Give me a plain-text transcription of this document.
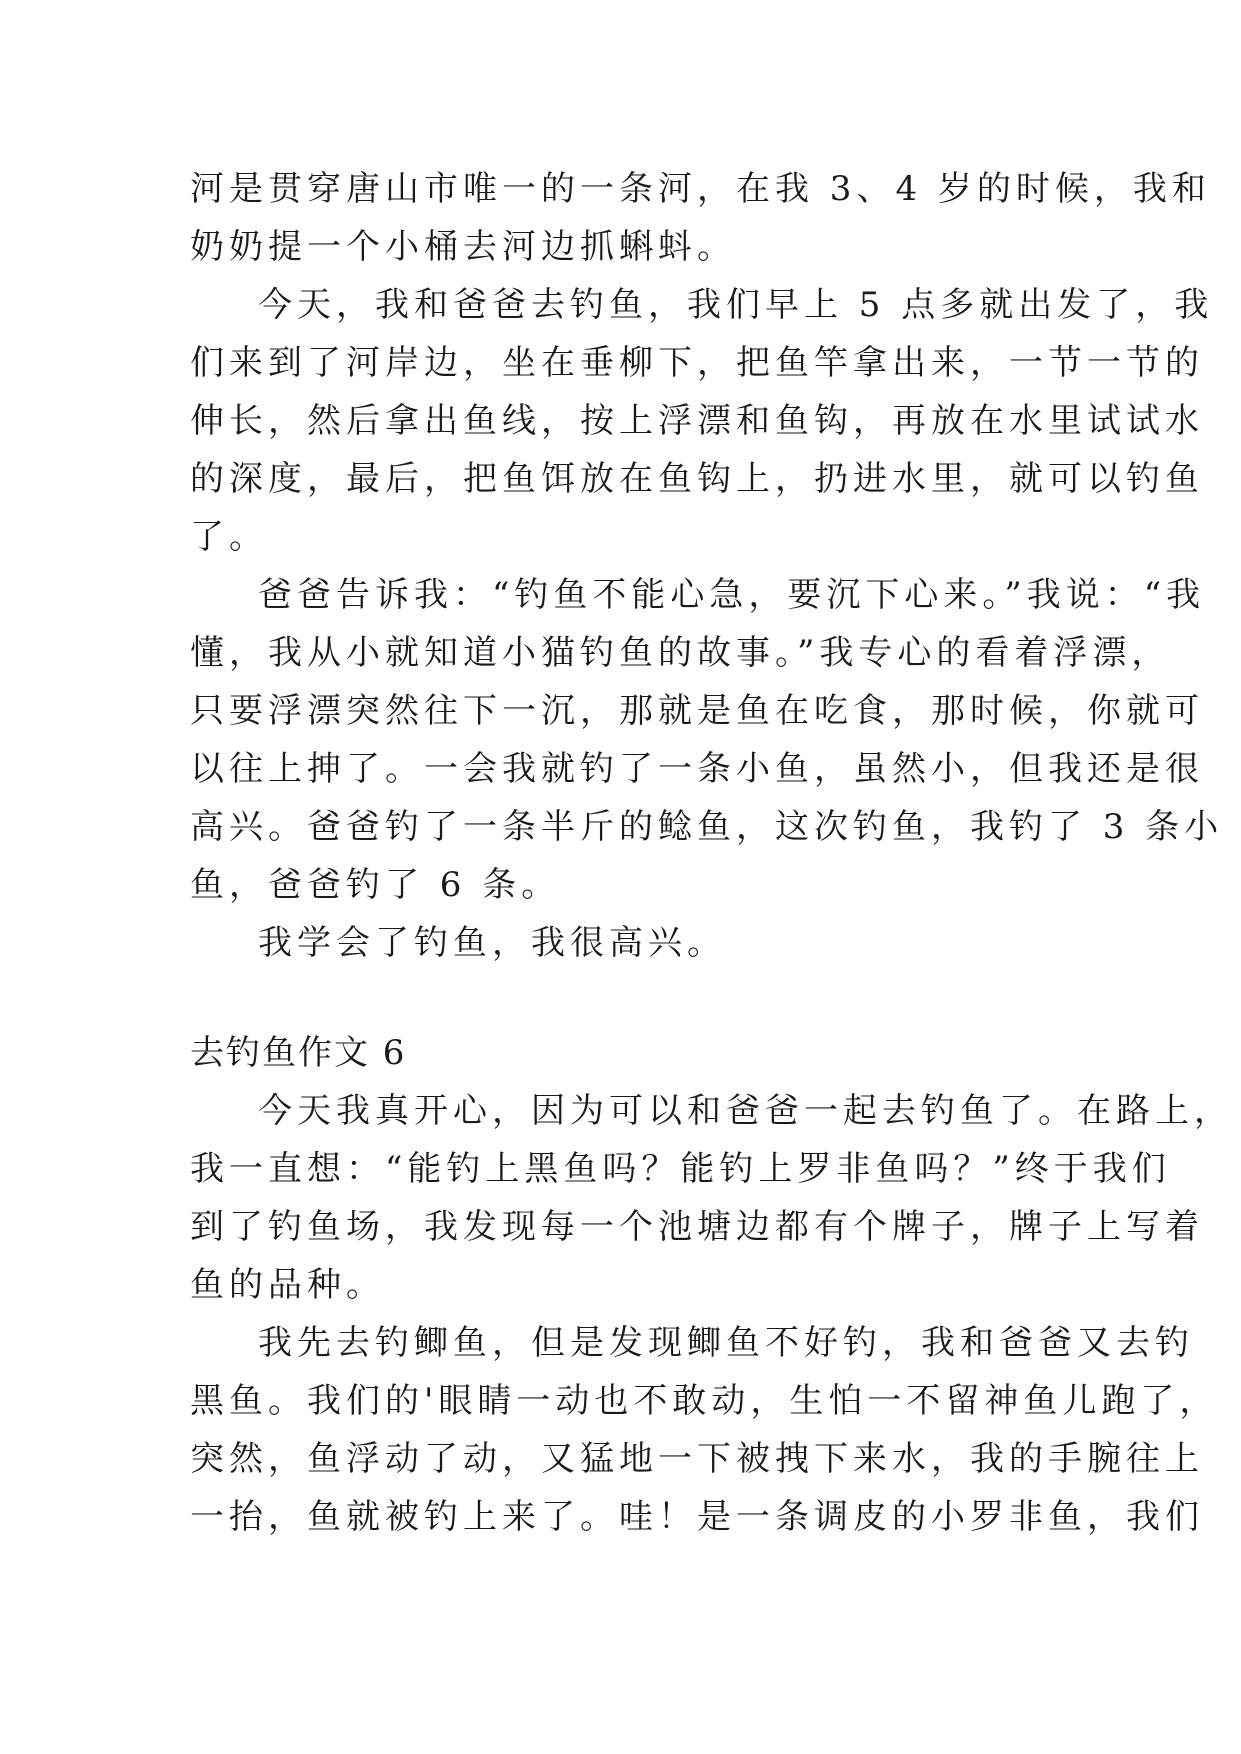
河是贯穿唐山市唯一的一条河，在我 3、4 岁的时候，我和
奶奶提一个小桶去河边抓蝌蚪。
今天，我和爸爸去钓鱼，我们早上 5 点多就出发了，我
们来到了河岸边，坐在垂柳下，把鱼竿拿出来，一节一节的
伸长，然后拿出鱼线，按上浮漂和鱼钩，再放在水里试试水
的深度，最后，把鱼饵放在鱼钩上，扔进水里，就可以钓鱼
了。
爸爸告诉我：“钓鱼不能心急，要沉下心来。”我说：“我
懂，我从小就知道小猫钓鱼的故事。”我专心的看着浮漂，
只要浮漂突然往下一沉，那就是鱼在吃食，那时候，你就可
以往上抻了。一会我就钓了一条小鱼，虽然小，但我还是很
高兴。爸爸钓了一条半斤的鲶鱼，这次钓鱼，我钓了 3 条小
鱼，爸爸钓了 6 条。
我学会了钓鱼，我很高兴。
去钓鱼作文 6
今天我真开心，因为可以和爸爸一起去钓鱼了。在路上，
我一直想：“能钓上黑鱼吗？能钓上罗非鱼吗？”终于我们
到了钓鱼场，我发现每一个池塘边都有个牌子，牌子上写着
鱼的品种。
我先去钓鲫鱼，但是发现鲫鱼不好钓，我和爸爸又去钓
黑鱼。我们的'眼睛一动也不敢动，生怕一不留神鱼儿跑了，
突然，鱼浮动了动，又猛地一下被拽下来水，我的手腕往上
一抬，鱼就被钓上来了。哇！是一条调皮的小罗非鱼，我们
